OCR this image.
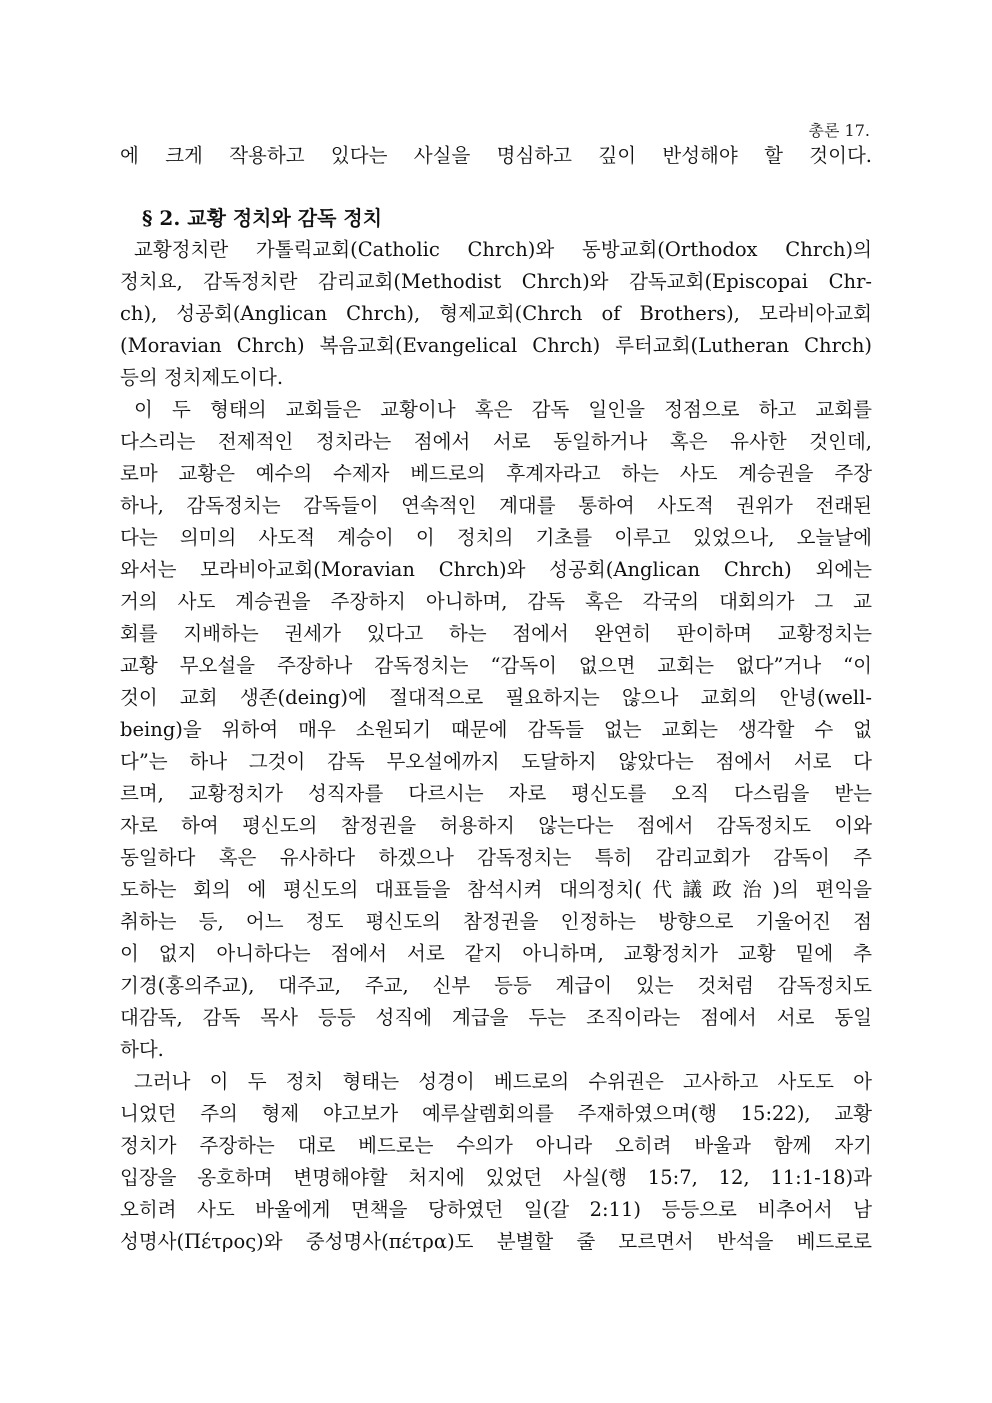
총론 17.
에 크게 작용하고 있다는 사실을 명심하고 깊이 반성해야 할 것이다.
§ 2. 교황 정치와 감독 정치
교황정치란 가톨릭교회(Catholic Chrch)와 동방교회(Orthodox Chrch)의
정치요, 감독정치란 감리교회(Methodist Chrch)와 감독교회(Episcopai Chr-
ch), 성공회(Anglican Chrch), 형제교회(Chrch of Brothers), 모라비아교회
(Moravian Chrch) 복음교회(Evangelical Chrch) 루터교회(Lutheran Chrch)
등의 정치제도이다.
이 두 형태의 교회들은 교황이나 혹은 감독 일인을 정점으로 하고 교회를
다스리는 전제적인 정치라는 점에서 서로 동일하거나 혹은 유사한 것인데,
로마 교황은 예수의 수제자 베드로의 후계자라고 하는 사도 계승권을 주장
하나, 감독정치는 감독들이 연속적인 계대를 통하여 사도적 권위가 전래된
다는 의미의 사도적 계승이 이 정치의 기초를 이루고 있었으나, 오늘날에
와서는 모라비아교회(Moravian Chrch)와 성공회(Anglican Chrch) 외에는
거의 사도 계승권을 주장하지 아니하며, 감독 혹은 각국의 대회의가 그 교
회를 지배하는 권세가 있다고 하는 점에서 완연히 판이하며 교황정치는
교황 무오설을 주장하나 감독정치는 “감독이 없으면 교회는 없다”거나 “이
것이 교회 생존(deing)에 절대적으로 필요하지는 않으나 교회의 안녕(well-
being)을 위하여 매우 소원되기 때문에 감독들 없는 교회는 생각할 수 없
다”는 하나 그것이 감독 무오설에까지 도달하지 않았다는 점에서 서로 다
르며, 교황정치가 성직자를 다르시는 자로 평신도를 오직 다스림을 받는
자로 하여 평신도의 참정권을 허용하지 않는다는 점에서 감독정치도 이와
동일하다 혹은 유사하다 하겠으나 감독정치는 특히 감리교회가 감독이 주
도하는 회의 에 평신도의 대표들을 참석시켜 대의정치(代議政治)의 편익을
취하는 등, 어느 정도 평신도의 참정권을 인정하는 방향으로 기울어진 점
이 없지 아니하다는 점에서 서로 같지 아니하며, 교황정치가 교황 밑에 추
기경(홍의주교), 대주교, 주교, 신부 등등 계급이 있는 것처럼 감독정치도
대감독, 감독 목사 등등 성직에 계급을 두는 조직이라는 점에서 서로 동일
하다.
그러나 이 두 정치 형태는 성경이 베드로의 수위권은 고사하고 사도도 아
니었던 주의 형제 야고보가 예루살렘회의를 주재하였으며(행 15:22), 교황
정치가 주장하는 대로 베드로는 수의가 아니라 오히려 바울과 함께 자기
입장을 옹호하며 변명해야할 처지에 있었던 사실(행 15:7, 12, 11:1-18)과
오히려 사도 바울에게 면책을 당하였던 일(갈 2:11) 등등으로 비추어서 남
성명사(Πέτρος)와 중성명사(πέτρα)도 분별할 줄 모르면서 반석을 베드로로
